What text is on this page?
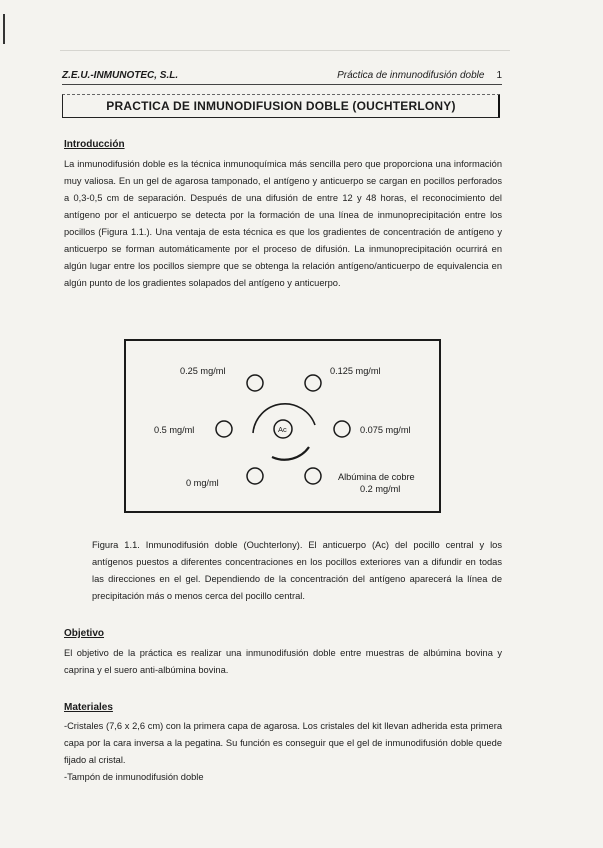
Z.E.U.-INMUNOTEC, S.L.	Práctica de inmunodifusión doble 1
PRACTICA DE INMUNODIFUSION DOBLE (OUCHTERLONY)
Introducción
La inmunodifusión doble es la técnica inmunoquímica más sencilla pero que proporciona una información muy valiosa. En un gel de agarosa tamponado, el antígeno y anticuerpo se cargan en pocillos perforados a 0,3-0,5 cm de separación. Después de una difusión de entre 12 y 48 horas, el reconocimiento del antígeno por el anticuerpo se detecta por la formación de una línea de inmunoprecipitación entre los pocillos (Figura 1.1.). Una ventaja de esta técnica es que los gradientes de concentración de antígeno y anticuerpo se forman automáticamente por el proceso de difusión. La inmunoprecipitación ocurrirá en algún lugar entre los pocillos siempre que se obtenga la relación antígeno/anticuerpo de equivalencia en algún punto de los gradientes solapados del antígeno y anticuerpo.
Ac
0.25 mg/ml	0.125 mg/ml
0.5 mg/ml	0.075 mg/ml
0 mg/ml
Albúmina de cobre
0.2 mg/ml
Figura 1.1. Inmunodifusión doble (Ouchterlony). El anticuerpo (Ac) del pocillo central y los antígenos puestos a diferentes concentraciones en los pocillos exteriores van a difundir en todas las direcciones en el gel. Dependiendo de la concentración del antígeno aparecerá la línea de precipitación más o menos cerca del pocillo central.
Objetivo
El objetivo de la práctica es realizar una inmunodifusión doble entre muestras de albúmina bovina y caprina y el suero anti-albúmina bovina.
Materiales
-Cristales (7,6 x 2,6 cm) con la primera capa de agarosa. Los cristales del kit llevan adherida esta primera capa por la cara inversa a la pegatina. Su función es conseguir que el gel de inmunodifusión doble quede fijado al cristal.
-Tampón de inmunodifusión doble
